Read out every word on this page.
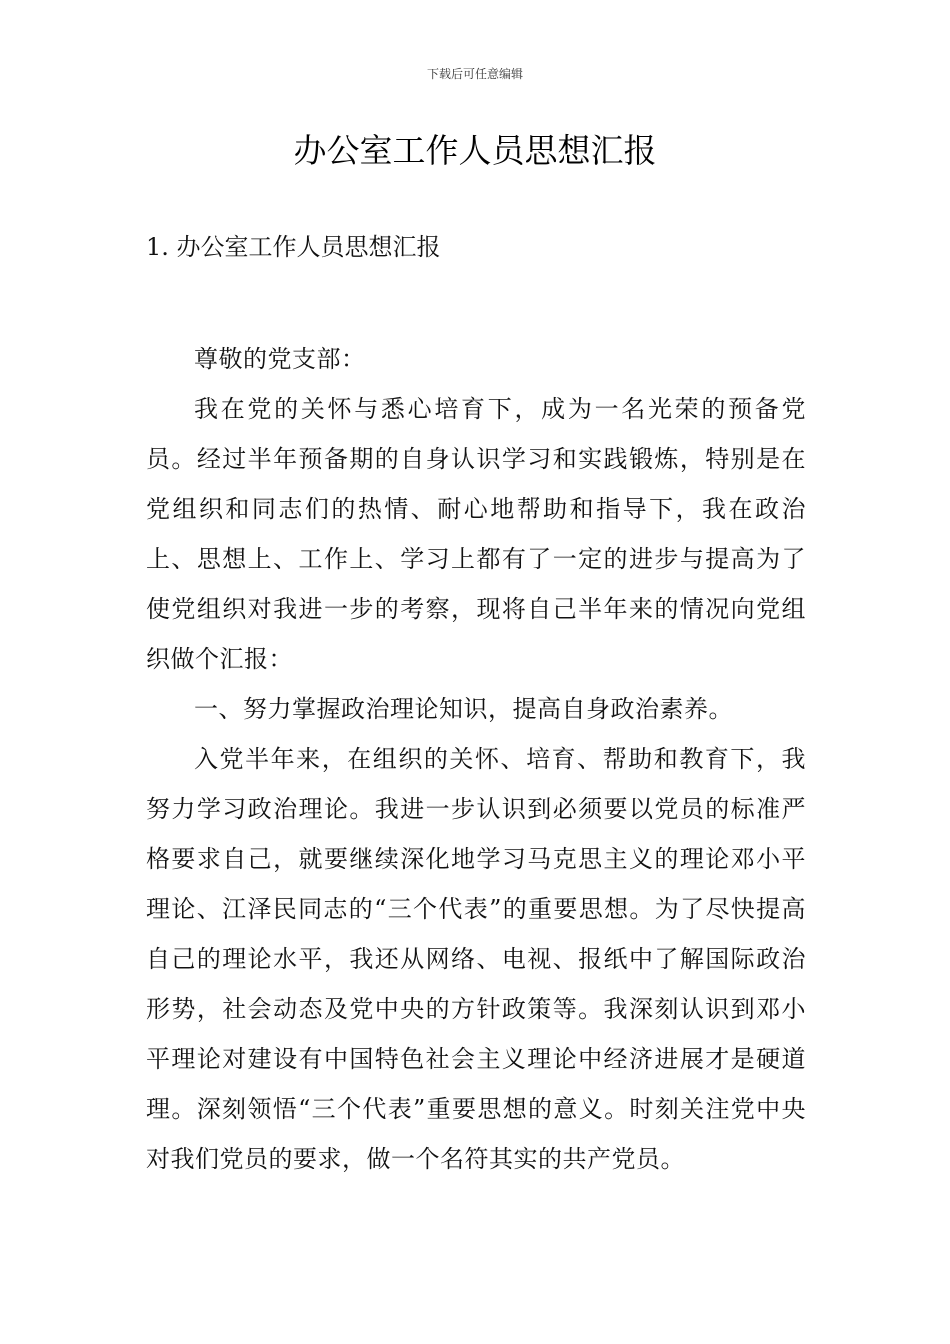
下载后可任意编辑
办公室工作人员思想汇报
1. 办公室工作人员思想汇报

尊敬的党支部：

我在党的关怀与悉心培育下，成为一名光荣的预备党员。经过半年预备期的自身认识学习和实践锻炼，特别是在党组织和同志们的热情、耐心地帮助和指导下，我在政治上、思想上、工作上、学习上都有了一定的进步与提高为了使党组织对我进一步的考察，现将自己半年来的情况向党组织做个汇报：

一、努力掌握政治理论知识，提高自身政治素养。

入党半年来，在组织的关怀、培育、帮助和教育下，我努力学习政治理论。我进一步认识到必须要以党员的标准严格要求自己，就要继续深化地学习马克思主义的理论邓小平理论、江泽民同志的“三个代表”的重要思想。为了尽快提高自己的理论水平，我还从网络、电视、报纸中了解国际政治形势，社会动态及党中央的方针政策等。我深刻认识到邓小平理论对建设有中国特色社会主义理论中经济进展才是硬道理。深刻领悟“三个代表”重要思想的意义。时刻关注党中央对我们党员的要求，做一个名符其实的共产党员。
